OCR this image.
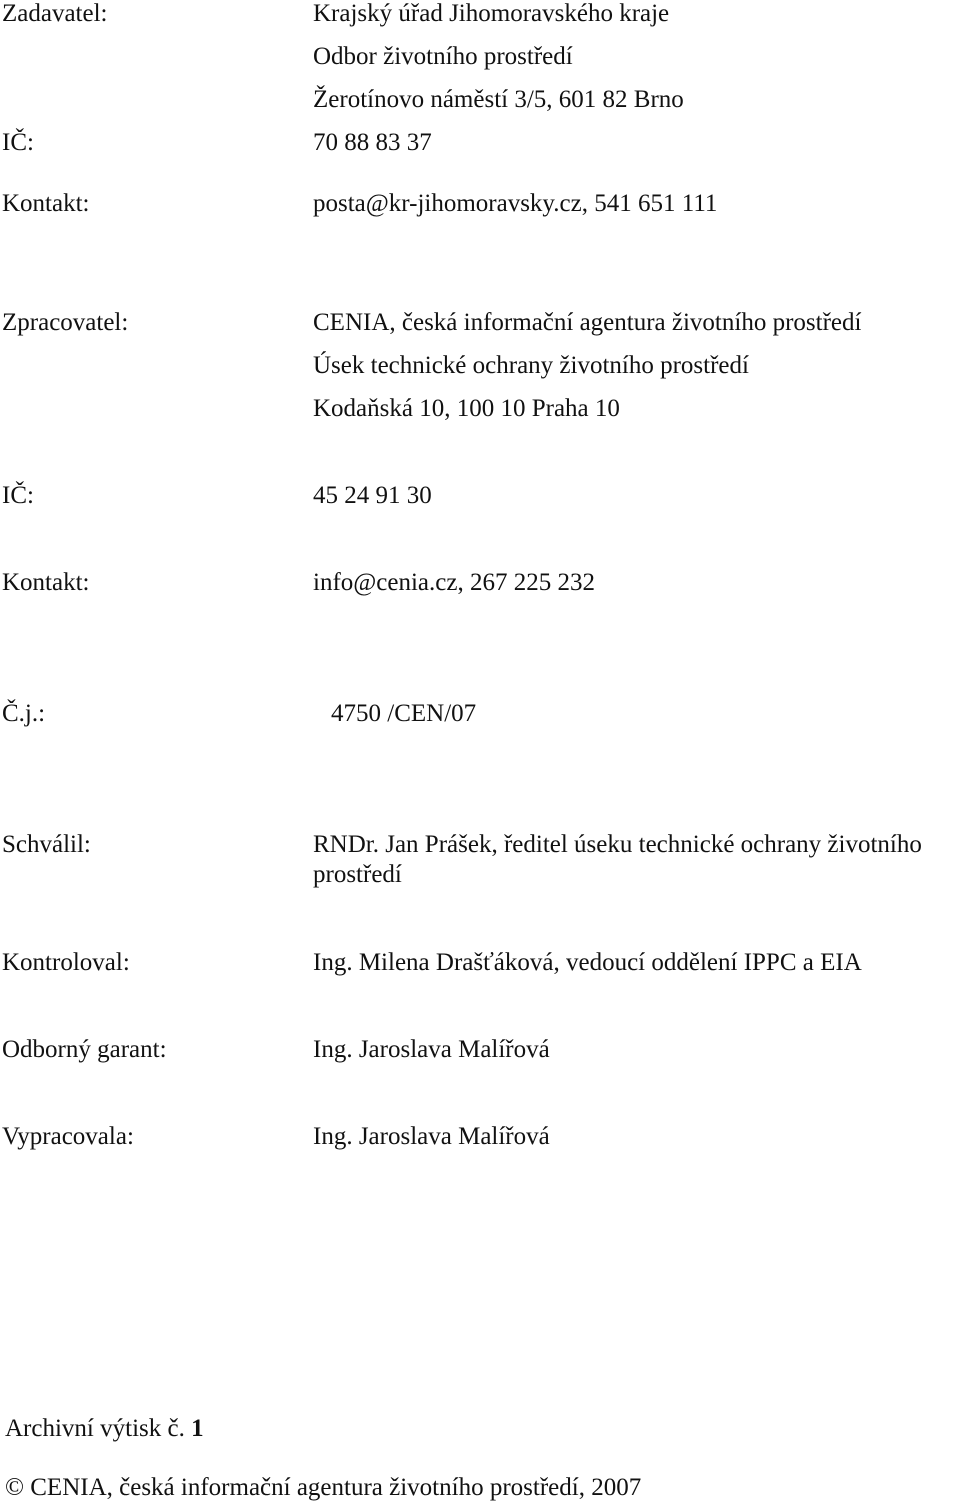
Zadavatel:	Krajský úřad Jihomoravského kraje
Odbor životního prostředí
Žerotínovo náměstí 3/5, 601 82 Brno
IČ:	70 88 83 37
Kontakt:	posta@kr-jihomoravsky.cz, 541 651 111
Zpracovatel:	CENIA, česká informační agentura životního prostředí
Úsek technické ochrany životního prostředí
Kodaňská 10, 100 10 Praha 10
IČ:	45 24 91 30
Kontakt:	info@cenia.cz, 267 225 232
Č.j.:	4750 /CEN/07
Schválil:	RNDr. Jan Prášek, ředitel úseku technické ochrany životního
prostředí
Kontroloval:	Ing. Milena Drašťáková, vedoucí oddělení IPPC a EIA
Odborný garant:	Ing. Jaroslava Malířová
Vypracovala:	Ing. Jaroslava Malířová
Archivní výtisk č. 1
© CENIA, česká informační agentura životního prostředí, 2007
